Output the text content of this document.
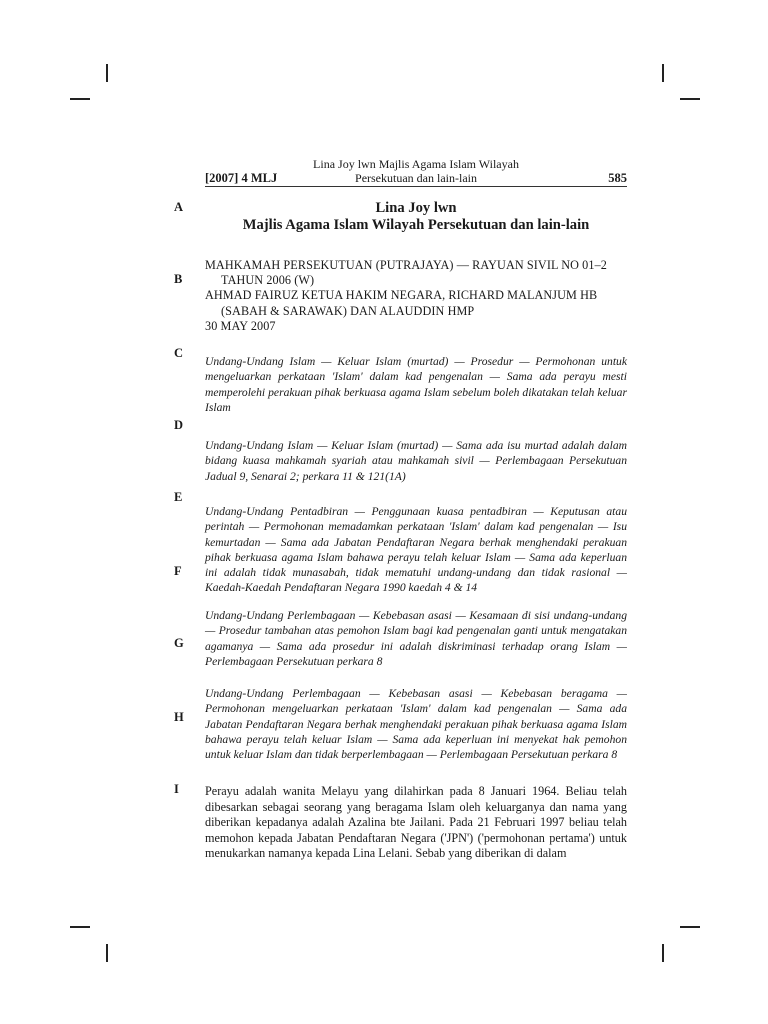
[2007] 4 MLJ
Lina Joy lwn Majlis Agama Islam Wilayah
Persekutuan dan lain-lain	585
A
B
C
D
E
F
G
H
I
Lina Joy lwn
Majlis Agama Islam Wilayah Persekutuan dan lain-lain
MAHKAMAH PERSEKUTUAN (PUTRAJAYA) — RAYUAN SIVIL NO 01–2
TAHUN 2006 (W)
AHMAD FAIRUZ KETUA HAKIM NEGARA, RICHARD MALANJUM HB
(SABAH & SARAWAK) DAN ALAUDDIN HMP
30 MAY 2007
Undang-Undang Islam — Keluar Islam (murtad) — Prosedur — Permohonan untuk mengeluarkan perkataan 'Islam' dalam kad pengenalan — Sama ada perayu mesti memperolehi perakuan pihak berkuasa agama Islam sebelum boleh dikatakan telah keluar Islam
Undang-Undang Islam — Keluar Islam (murtad) — Sama ada isu murtad adalah dalam bidang kuasa mahkamah syariah atau mahkamah sivil — Perlembagaan Persekutuan Jadual 9, Senarai 2; perkara 11 & 121(1A)
Undang-Undang Pentadbiran — Penggunaan kuasa pentadbiran — Keputusan atau perintah — Permohonan memadamkan perkataan 'Islam' dalam kad pengenalan — Isu kemurtadan — Sama ada Jabatan Pendaftaran Negara berhak menghendaki perakuan pihak berkuasa agama Islam bahawa perayu telah keluar Islam — Sama ada keperluan ini adalah tidak munasabah, tidak mematuhi undang-undang dan tidak rasional — Kaedah-Kaedah Pendaftaran Negara 1990 kaedah 4 & 14
Undang-Undang Perlembagaan — Kebebasan asasi — Kesamaan di sisi undang-undang — Prosedur tambahan atas pemohon Islam bagi kad pengenalan ganti untuk mengatakan agamanya — Sama ada prosedur ini adalah diskriminasi terhadap orang Islam — Perlembagaan Persekutuan perkara 8
Undang-Undang Perlembagaan — Kebebasan asasi — Kebebasan beragama — Permohonan mengeluarkan perkataan 'Islam' dalam kad pengenalan — Sama ada Jabatan Pendaftaran Negara berhak menghendaki perakuan pihak berkuasa agama Islam bahawa perayu telah keluar Islam — Sama ada keperluan ini menyekat hak pemohon untuk keluar Islam dan tidak berperlembagaan — Perlembagaan Persekutuan perkara 8
Perayu adalah wanita Melayu yang dilahirkan pada 8 Januari 1964. Beliau telah dibesarkan sebagai seorang yang beragama Islam oleh keluarganya dan nama yang diberikan kepadanya adalah Azalina bte Jailani. Pada 21 Februari 1997 beliau telah memohon kepada Jabatan Pendaftaran Negara ('JPN') ('permohonan pertama') untuk menukarkan namanya kepada Lina Lelani. Sebab yang diberikan di dalam
